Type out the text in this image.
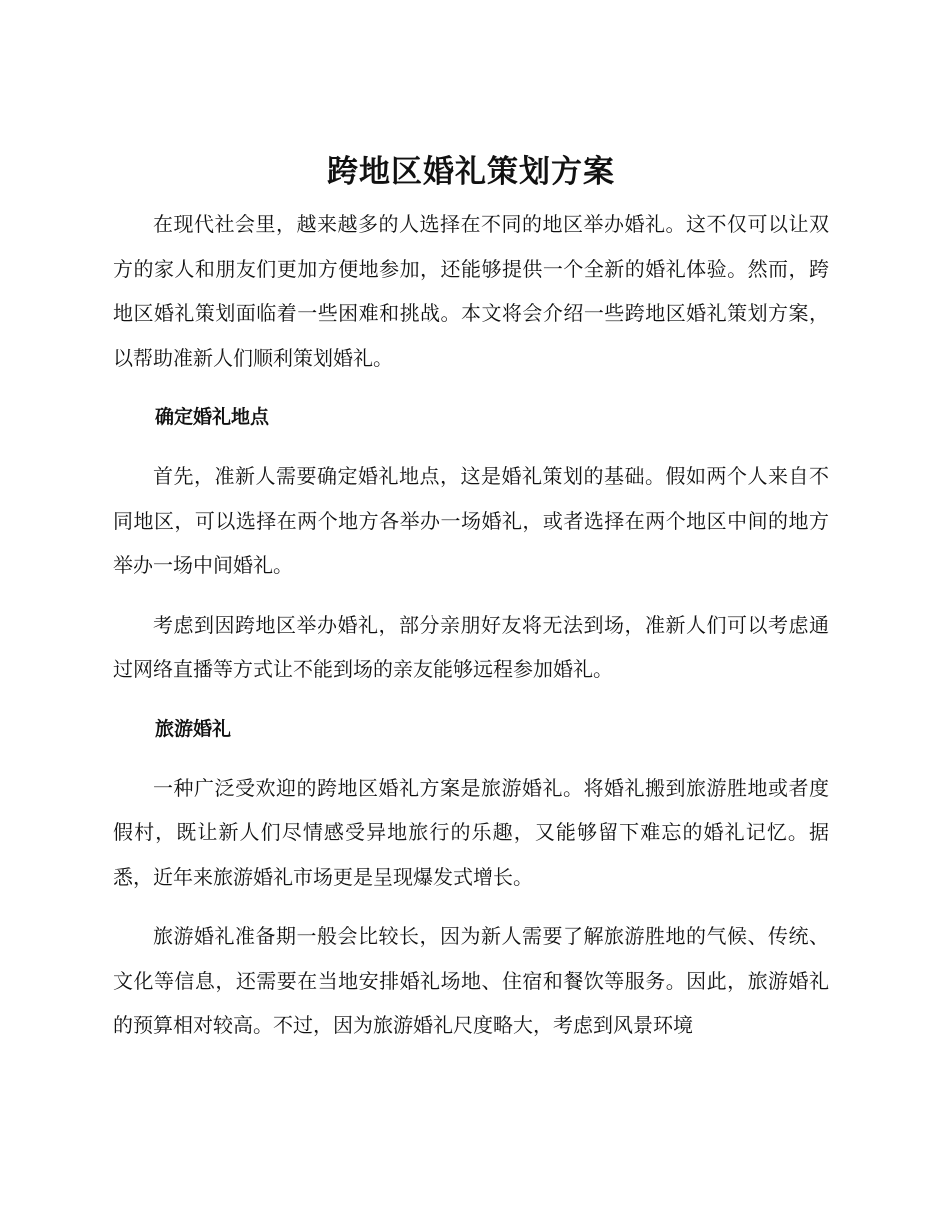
跨地区婚礼策划方案

在现代社会里，越来越多的人选择在不同的地区举办婚礼。这不仅可以让双方的家人和朋友们更加方便地参加，还能够提供一个全新的婚礼体验。然而，跨地区婚礼策划面临着一些困难和挑战。本文将会介绍一些跨地区婚礼策划方案，以帮助准新人们顺利策划婚礼。

确定婚礼地点

首先，准新人需要确定婚礼地点，这是婚礼策划的基础。假如两个人来自不同地区，可以选择在两个地方各举办一场婚礼，或者选择在两个地区中间的地方举办一场中间婚礼。

考虑到因跨地区举办婚礼，部分亲朋好友将无法到场，准新人们可以考虑通过网络直播等方式让不能到场的亲友能够远程参加婚礼。

旅游婚礼

一种广泛受欢迎的跨地区婚礼方案是旅游婚礼。将婚礼搬到旅游胜地或者度假村，既让新人们尽情感受异地旅行的乐趣，又能够留下难忘的婚礼记忆。据悉，近年来旅游婚礼市场更是呈现爆发式增长。

旅游婚礼准备期一般会比较长，因为新人需要了解旅游胜地的气候、传统、文化等信息，还需要在当地安排婚礼场地、住宿和餐饮等服务。因此，旅游婚礼的预算相对较高。不过，因为旅游婚礼尺度略大，考虑到风景环境
